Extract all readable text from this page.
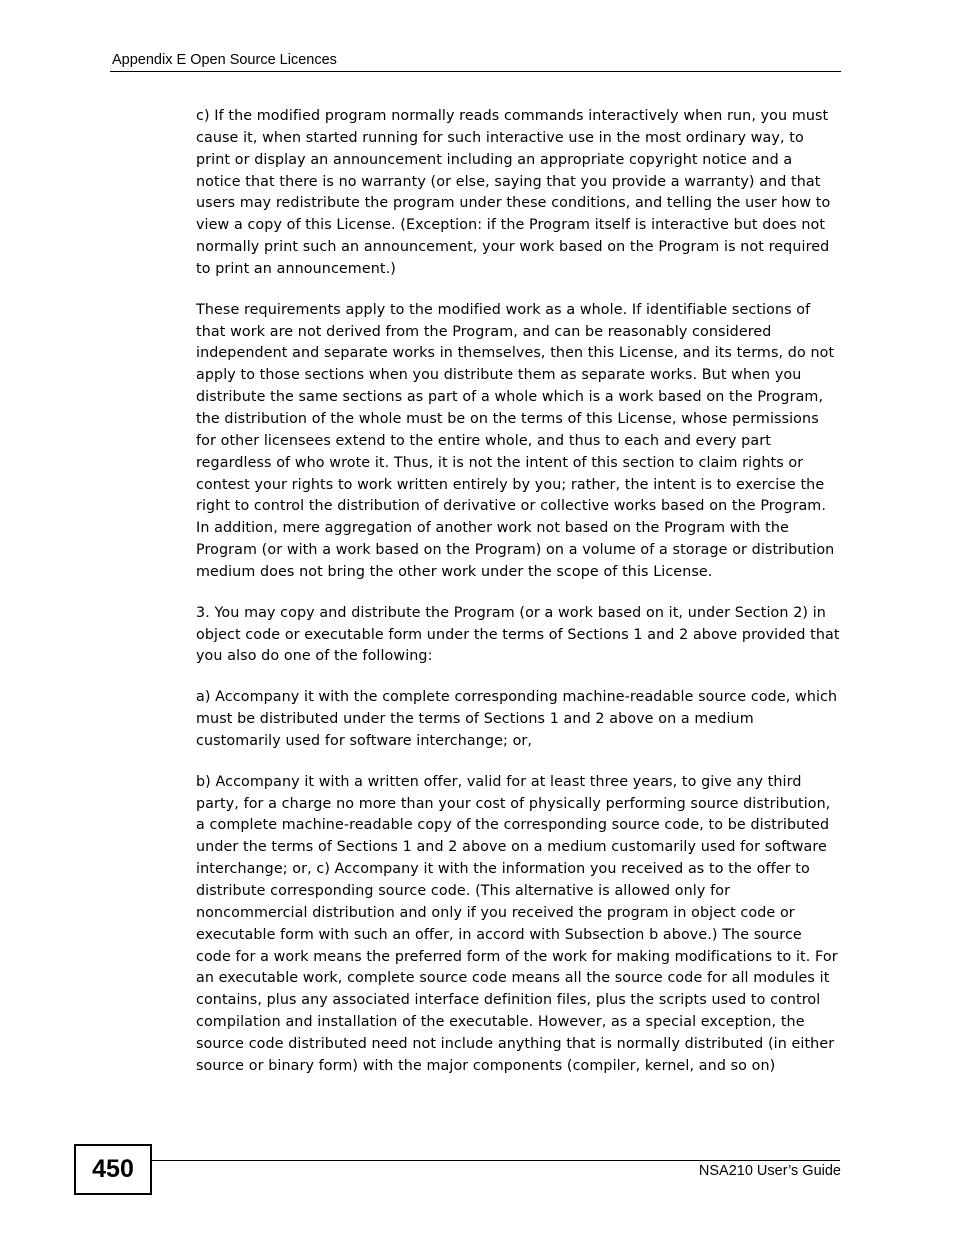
Appendix E Open Source Licences

c) If the modified program normally reads commands interactively when run, you must cause it, when started running for such interactive use in the most ordinary way, to print or display an announcement including an appropriate copyright notice and a notice that there is no warranty (or else, saying that you provide a warranty) and that users may redistribute the program under these conditions, and telling the user how to view a copy of this License. (Exception: if the Program itself is interactive but does not normally print such an announcement, your work based on the Program is not required to print an announcement.)

These requirements apply to the modified work as a whole. If identifiable sections of that work are not derived from the Program, and can be reasonably considered independent and separate works in themselves, then this License, and its terms, do not apply to those sections when you distribute them as separate works. But when you distribute the same sections as part of a whole which is a work based on the Program, the distribution of the whole must be on the terms of this License, whose permissions for other licensees extend to the entire whole, and thus to each and every part regardless of who wrote it. Thus, it is not the intent of this section to claim rights or contest your rights to work written entirely by you; rather, the intent is to exercise the right to control the distribution of derivative or collective works based on the Program. In addition, mere aggregation of another work not based on the Program with the Program (or with a work based on the Program) on a volume of a storage or distribution medium does not bring the other work under the scope of this License.

3. You may copy and distribute the Program (or a work based on it, under Section 2) in object code or executable form under the terms of Sections 1 and 2 above provided that you also do one of the following:

a) Accompany it with the complete corresponding machine-readable source code, which must be distributed under the terms of Sections 1 and 2 above on a medium customarily used for software interchange; or,

b) Accompany it with a written offer, valid for at least three years, to give any third party, for a charge no more than your cost of physically performing source distribution, a complete machine-readable copy of the corresponding source code, to be distributed under the terms of Sections 1 and 2 above on a medium customarily used for software interchange; or, c) Accompany it with the information you received as to the offer to distribute corresponding source code. (This alternative is allowed only for noncommercial distribution and only if you received the program in object code or executable form with such an offer, in accord with Subsection b above.) The source code for a work means the preferred form of the work for making modifications to it. For an executable work, complete source code means all the source code for all modules it contains, plus any associated interface definition files, plus the scripts used to control compilation and installation of the executable. However, as a special exception, the source code distributed need not include anything that is normally distributed (in either source or binary form) with the major components (compiler, kernel, and so on)

450	NSA210 User’s Guide
